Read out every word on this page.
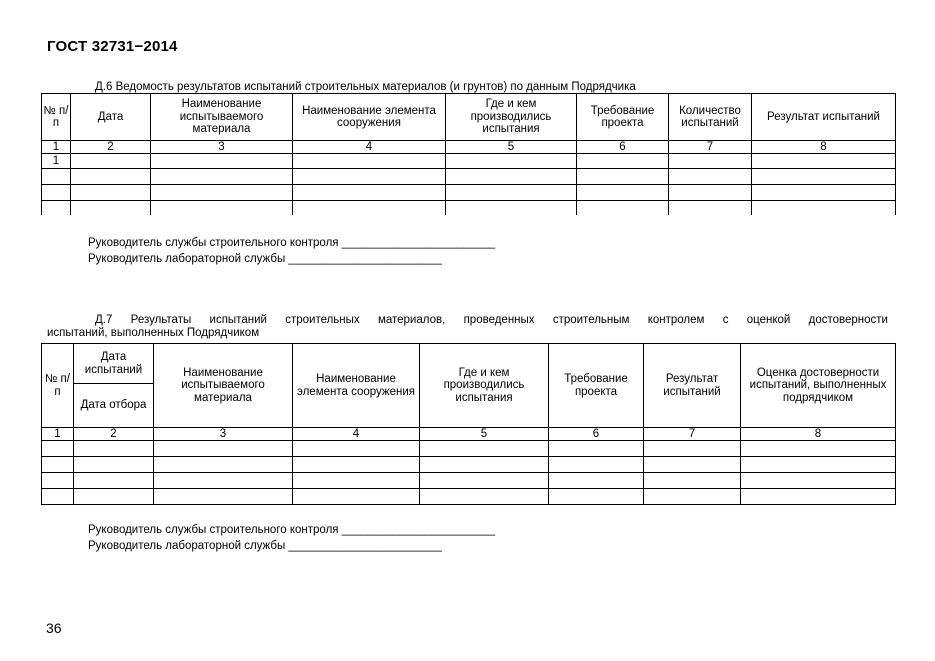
ГОСТ 32731−2014
Д.6 Ведомость результатов испытаний строительных материалов (и грунтов) по данным Подрядчика
№ п/п	Дата	Наименование испытываемого материала	Наименование элемента сооружения	Где и кем производились испытания	Требование проекта	Количество испытаний	Результат испытаний
1	2	3	4	5	6	7	8
1							

Руководитель службы строительного контроля ________________________
Руководитель лабораторной службы ________________________
Д.7 Результаты испытаний строительных материалов, проведенных строительным контролем с оценкой достоверности
испытаний, выполненных Подрядчиком
№ п/п	Дата испытаний	Наименование испытываемого материала	Наименование элемента сооружения	Где и кем производились испытания	Требование проекта	Результат испытаний	Оценка достоверности испытаний, выполненных подрядчиком
	Дата отбора						
1	2	3	4	5	6	7	8

Руководитель службы строительного контроля ________________________
Руководитель лабораторной службы ________________________
36
